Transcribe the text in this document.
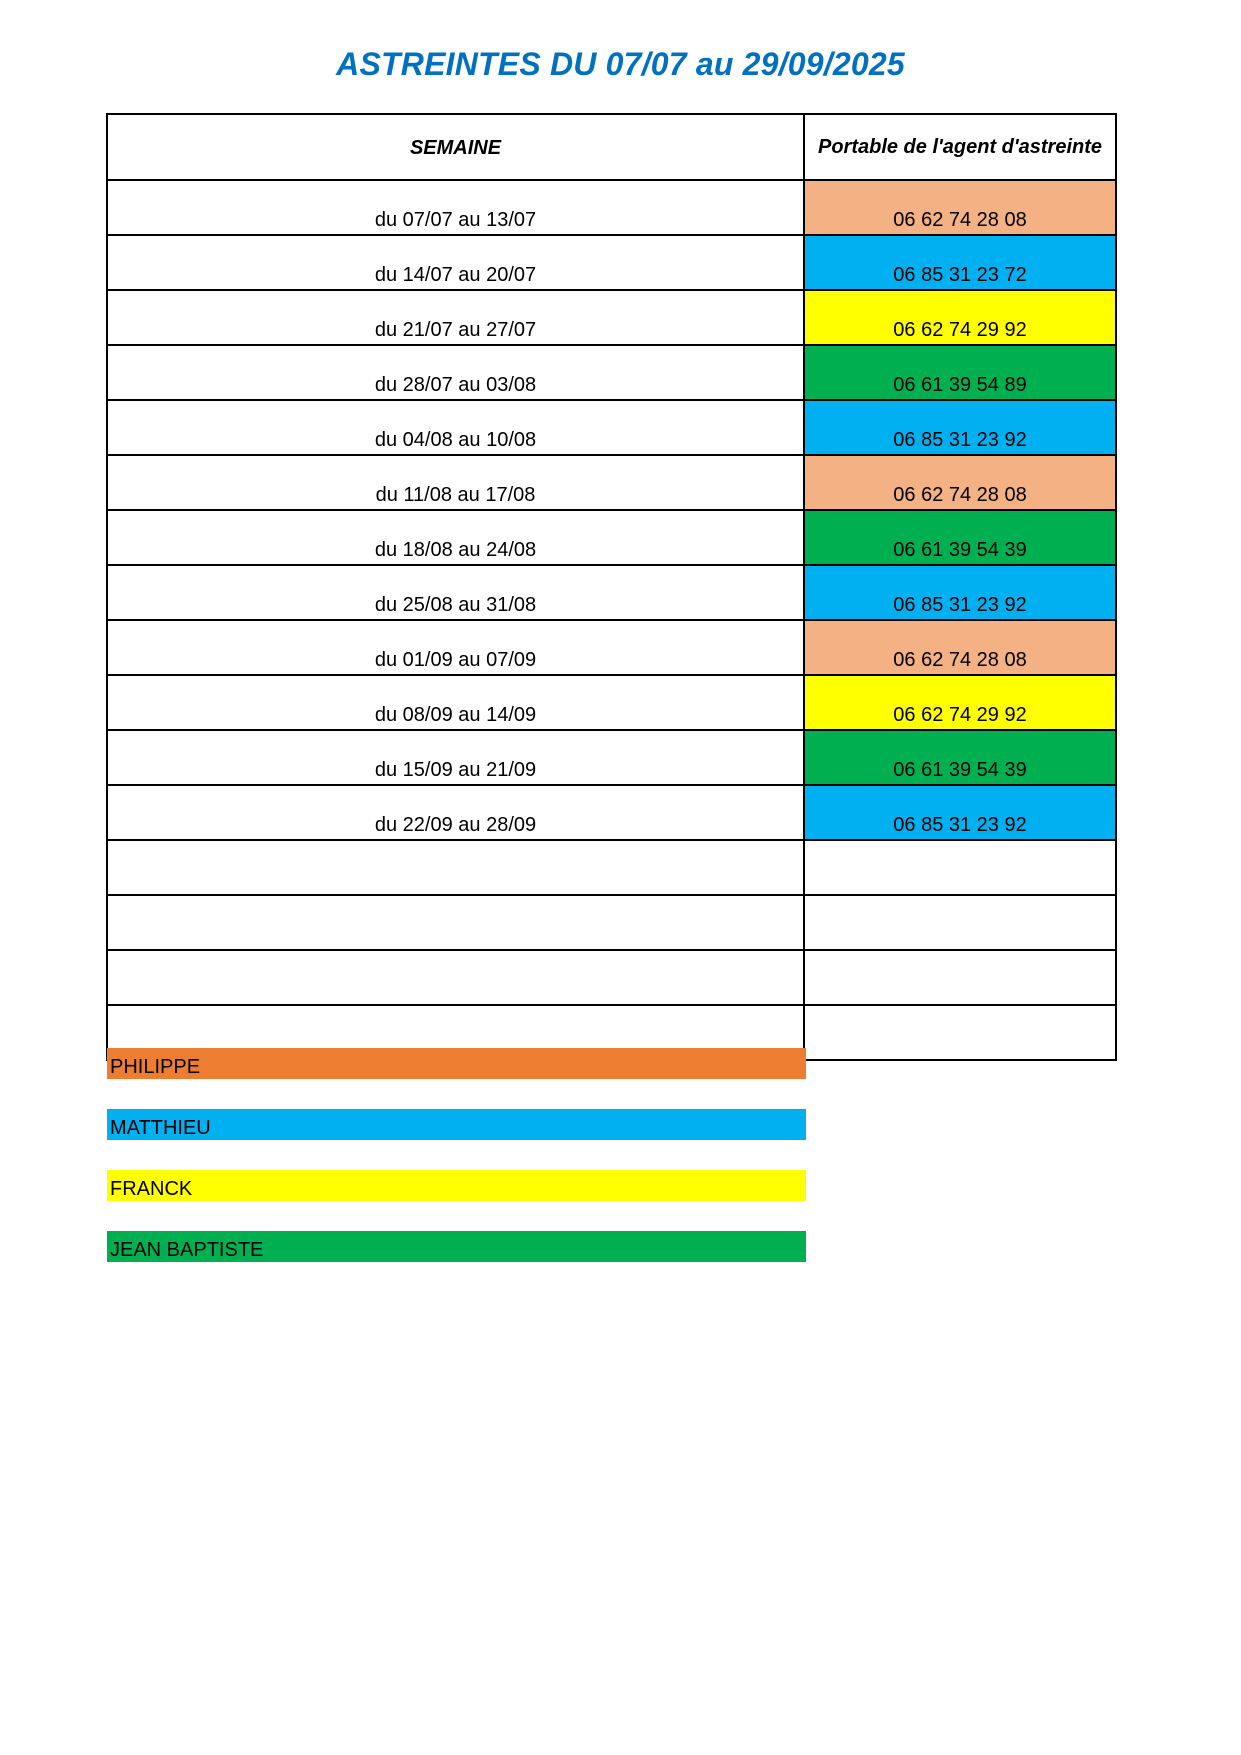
ASTREINTES DU 07/07 au 29/09/2025
SEMAINE	Portable de l'agent d'astreinte
du 07/07 au 13/07	06 62 74 28 08
du 14/07 au 20/07	06 85 31 23 72
du 21/07 au 27/07	06 62 74 29 92
du 28/07 au 03/08	06 61 39 54 89
du 04/08 au 10/08	06 85 31 23 92
du 11/08 au 17/08	06 62 74 28 08
du 18/08 au 24/08	06 61 39 54 39
du 25/08 au 31/08	06 85 31 23 92
du 01/09 au 07/09	06 62 74 28 08
du 08/09 au 14/09	06 62 74 29 92
du 15/09 au 21/09	06 61 39 54 39
du 22/09 au 28/09	06 85 31 23 92

PHILIPPE
MATTHIEU
FRANCK
JEAN BAPTISTE
